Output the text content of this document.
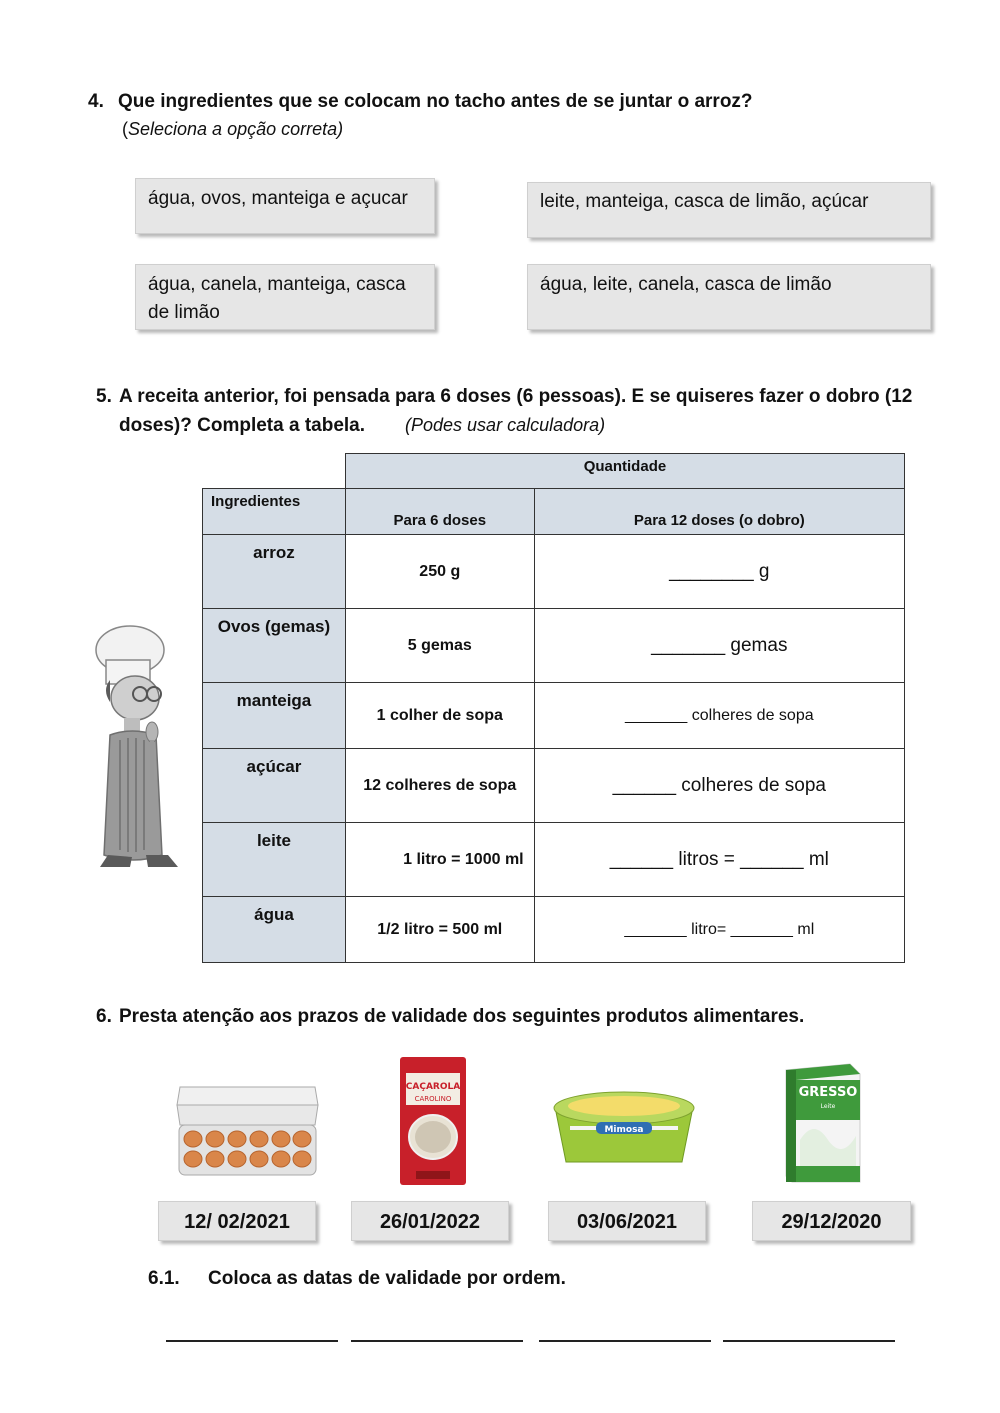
4. Que ingredientes que se colocam no tacho antes de se juntar o arroz?
(Seleciona a opção correta)
água, ovos, manteiga e açucar	leite, manteiga, casca de limão, açúcar
água, canela, manteiga, casca de limão
água, leite, canela, casca de limão
5. A receita anterior, foi pensada para 6 doses (6 pessoas). E se quiseres fazer o dobro (12
doses)? Completa a tabela. (Podes usar calculadora)
	Quantidade	
Ingredientes	Para 6 doses	Para 12 doses (o dobro)
arroz	250 g	________ g
Ovos (gemas)	5 gemas	_______ gemas
manteiga	1 colher de sopa	_______ colheres de sopa
açúcar	12 colheres de sopa	______ colheres de sopa
leite	1 litro = 1000 ml	______ litros = ______ ml
água	1/2 litro = 500 ml	_______ litro= _______ ml
6. Presta atenção aos prazos de validade dos seguintes produtos alimentares.
CAÇAROLA
CAROLINO
Mimosa
GRESSO
Leite
12/ 02/2021	26/01/2022	03/06/2021	29/12/2020
6.1. Coloca as datas de validade por ordem.
